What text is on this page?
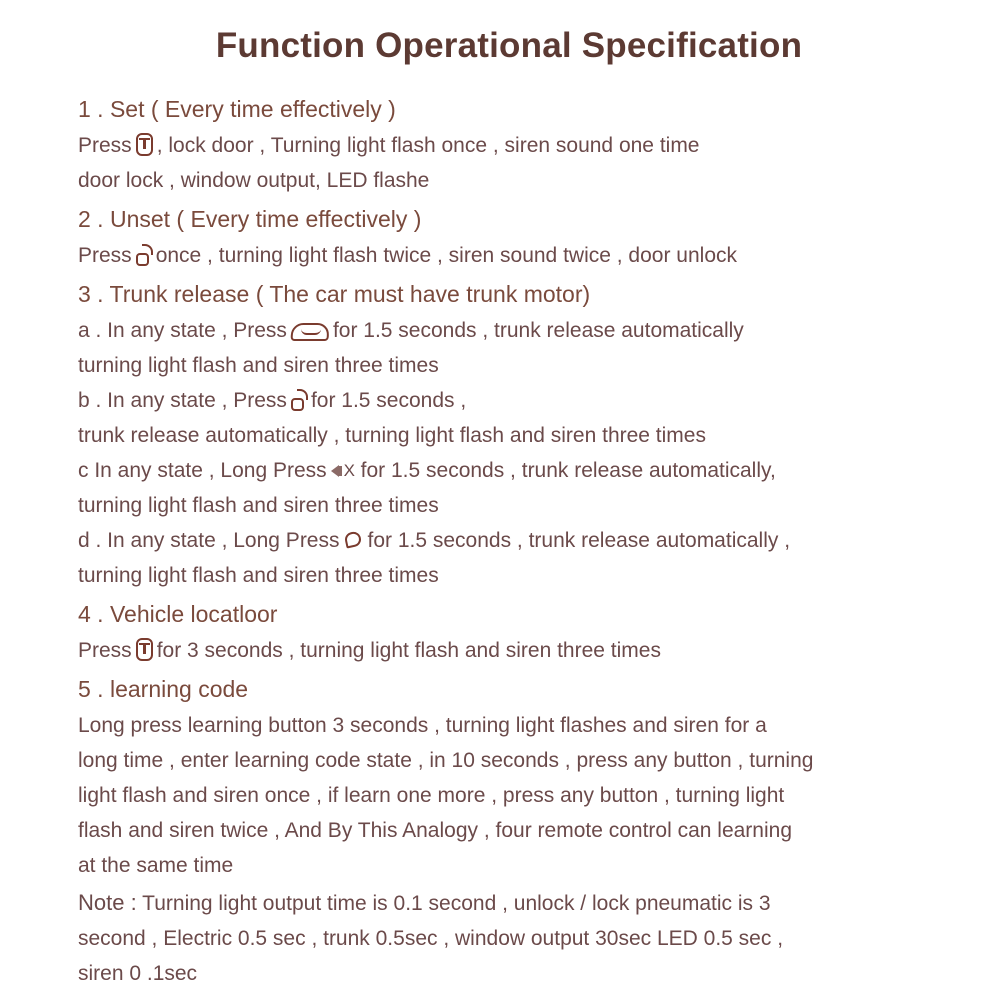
Function Operational Specification
1 . Set ( Every time effectively )
Press , lock door , Turning light flash once , siren sound one time
door lock , window output, LED flashe
2 . Unset ( Every time effectively )
Press once , turning light flash twice , siren sound twice , door unlock
3 . Trunk release ( The car must have trunk motor)
a . In any state , Press for 1.5 seconds , trunk release automatically
turning light flash and siren three times
b . In any state , Press for 1.5 seconds ,
trunk release automatically , turning light flash and siren three times
c In any state , Long Press X for 1.5 seconds , trunk release automatically,
turning light flash and siren three times
d . In any state , Long Press for 1.5 seconds , trunk release automatically ,
turning light flash and siren three times
4 . Vehicle locatloor
Press for 3 seconds , turning light flash and siren three times
5 . learning code
Long press learning button 3 seconds , turning light flashes and siren for a
long time , enter learning code state , in 10 seconds , press any button , turning
light flash and siren once , if learn one more , press any button , turning light
flash and siren twice , And By This Analogy , four remote control can learning
at the same time
Note : Turning light output time is 0.1 second , unlock / lock pneumatic is 3
second , Electric 0.5 sec , trunk 0.5sec , window output 30sec LED 0.5 sec ,
siren 0 .1sec
